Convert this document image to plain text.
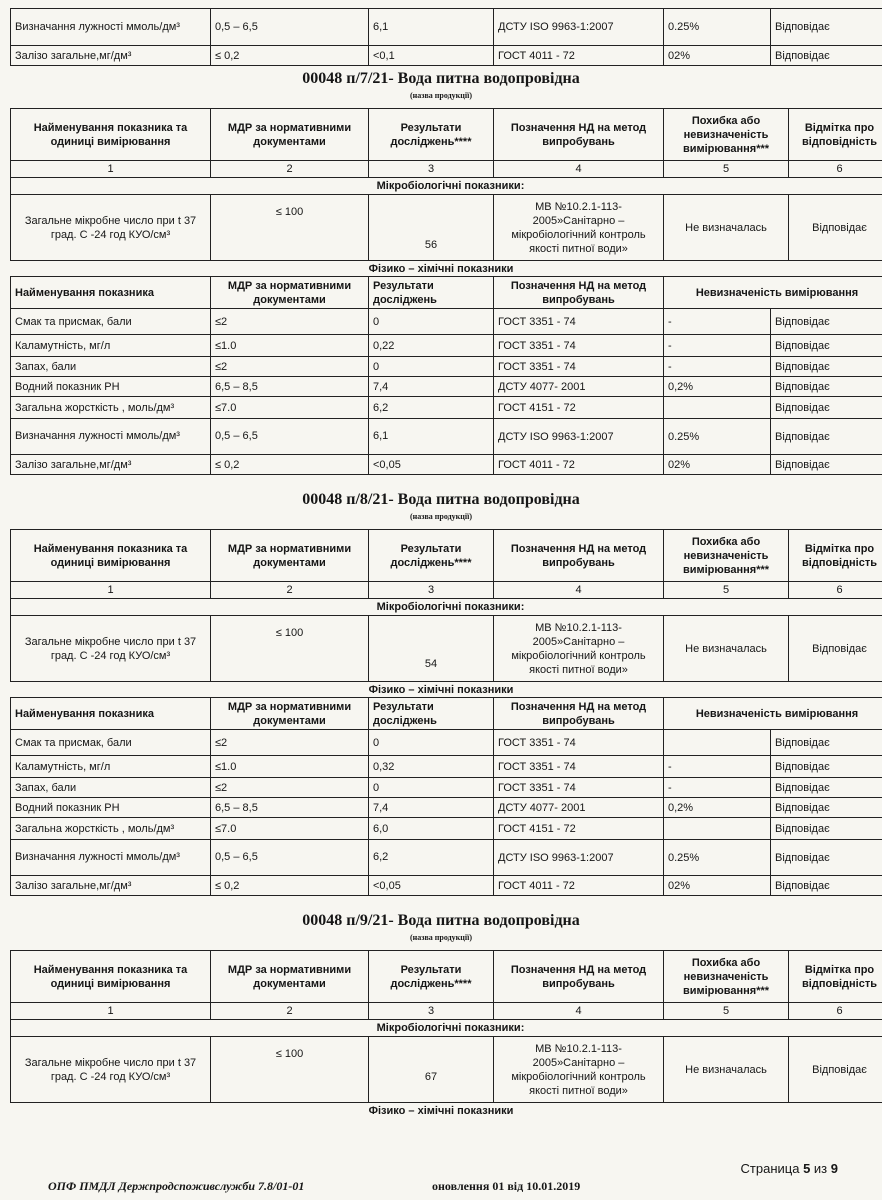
Визначання лужності ммоль/дм³	0,5 – 6,5	6,1	ДСТУ ISO 9963-1:2007	0.25%	Відповідає
Залізо загальне,мг/дм³	≤ 0,2	<0,1	ГОСТ 4011 - 72	02%	Відповідає
00048 п/7/21- Вода питна водопровідна
(назва продукції)
Найменування показника та одиниці вимірювання	МДР за нормативними документами	Результати досліджень****	Позначення НД на метод випробувань	Похибка або невизначеність вимірювання***	Відмітка про відповідність
1	2	3	4	5	6
Мікробіологічні показники:					
Загальне мікробне число при t 37 град. С -24 год КУО/см³	≤ 100	56	МВ №10.2.1-113-2005»Санітарно – мікробіологічний контроль якості питної води»	Не визначалась	Відповідає
Фізико – хімічні показники
Найменування показника	МДР за нормативними документами	Результати досліджень	Позначення НД на метод випробувань	Невизначеність вимірювання	
Смак та присмак, бали	≤2	0	ГОСТ 3351 - 74	-	Відповідає
Каламутність, мг/л	≤1.0	0,22	ГОСТ 3351 - 74	-	Відповідає
Запах, бали	≤2	0	ГОСТ 3351 - 74	-	Відповідає
Водний показник РН	6,5 – 8,5	7,4	ДСТУ 4077- 2001	0,2%	Відповідає
Загальна жорсткість , моль/дм³	≤7.0	6,2	ГОСТ 4151 - 72		Відповідає
Визначання лужності ммоль/дм³	0,5 – 6,5	6,1	ДСТУ ISO 9963-1:2007	0.25%	Відповідає
Залізо загальне,мг/дм³	≤ 0,2	<0,05	ГОСТ 4011 - 72	02%	Відповідає
00048 п/8/21- Вода питна водопровідна
(назва продукції)
Найменування показника та одиниці вимірювання	МДР за нормативними документами	Результати досліджень****	Позначення НД на метод випробувань	Похибка або невизначеність вимірювання***	Відмітка про відповідність
1	2	3	4	5	6
Мікробіологічні показники:					
Загальне мікробне число при t 37 град. С -24 год КУО/см³	≤ 100	54	МВ №10.2.1-113-2005»Санітарно – мікробіологічний контроль якості питної води»	Не визначалась	Відповідає
Фізико – хімічні показники
Найменування показника	МДР за нормативними документами	Результати досліджень	Позначення НД на метод випробувань	Невизначеність вимірювання	
Смак та присмак, бали	≤2	0	ГОСТ 3351 - 74		Відповідає
Каламутність, мг/л	≤1.0	0,32	ГОСТ 3351 - 74	-	Відповідає
Запах, бали	≤2	0	ГОСТ 3351 - 74	-	Відповідає
Водний показник РН	6,5 – 8,5	7,4	ДСТУ 4077- 2001	0,2%	Відповідає
Загальна жорсткість , моль/дм³	≤7.0	6,0	ГОСТ 4151 - 72		Відповідає
Визначання лужності ммоль/дм³	0,5 – 6,5	6,2	ДСТУ ISO 9963-1:2007	0.25%	Відповідає
Залізо загальне,мг/дм³	≤ 0,2	<0,05	ГОСТ 4011 - 72	02%	Відповідає
00048 п/9/21- Вода питна водопровідна
(назва продукції)
Найменування показника та одиниці вимірювання	МДР за нормативними документами	Результати досліджень****	Позначення НД на метод випробувань	Похибка або невизначеність вимірювання***	Відмітка про відповідність
1	2	3	4	5	6
Мікробіологічні показники:					
Загальне мікробне число при t 37 град. С -24 год КУО/см³	≤ 100	67	МВ №10.2.1-113-2005»Санітарно – мікробіологічний контроль якості питної води»	Не визначалась	Відповідає
Фізико – хімічні показники
Страница 5 из 9
ОПФ ПМДЛ Держпродспоживслужби 7.8/01-01	оновлення 01 від 10.01.2019
